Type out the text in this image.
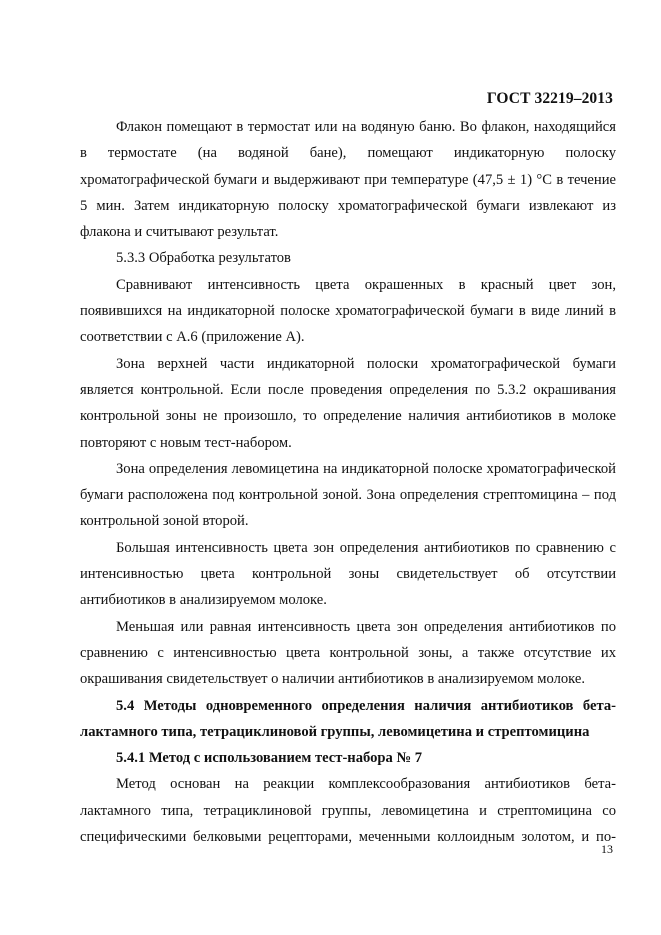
ГОСТ 32219–2013

Флакон помещают в термостат или на водяную баню. Во флакон, находящийся в термостате (на водяной бане), помещают индикаторную полоску хроматографической бумаги и выдерживают при температуре (47,5 ± 1) °С в течение 5 мин. Затем индикаторную полоску хроматографической бумаги извлекают из флакона и считывают результат.

5.3.3 Обработка результатов

Сравнивают интенсивность цвета окрашенных в красный цвет зон, появившихся на индикаторной полоске хроматографической бумаги в виде линий в соответствии с А.6 (приложение А).

Зона верхней части индикаторной полоски хроматографической бумаги является контрольной. Если после проведения определения по 5.3.2 окрашивания контрольной зоны не произошло, то определение наличия антибиотиков в молоке повторяют с новым тест-набором.

Зона определения левомицетина на индикаторной полоске хроматографической бумаги расположена под контрольной зоной. Зона определения стрептомицина – под контрольной зоной второй.

Большая интенсивность цвета зон определения антибиотиков по сравнению с интенсивностью цвета контрольной зоны свидетельствует об отсутствии антибиотиков в анализируемом молоке.

Меньшая или равная интенсивность цвета зон определения антибиотиков по сравнению с интенсивностью цвета контрольной зоны, а также отсутствие их окрашивания свидетельствует о наличии антибиотиков в анализируемом молоке.

5.4 Методы одновременного определения наличия антибиотиков бета-лактамного типа, тетрациклиновой группы, левомицетина и стрептомицина

5.4.1 Метод с использованием тест-набора № 7

Метод основан на реакции комплексообразования антибиотиков бета-лактамного типа, тетрациклиновой группы, левомицетина и стрептомицина со специфическими белковыми рецепторами, меченными коллоидным золотом, и по-

13
